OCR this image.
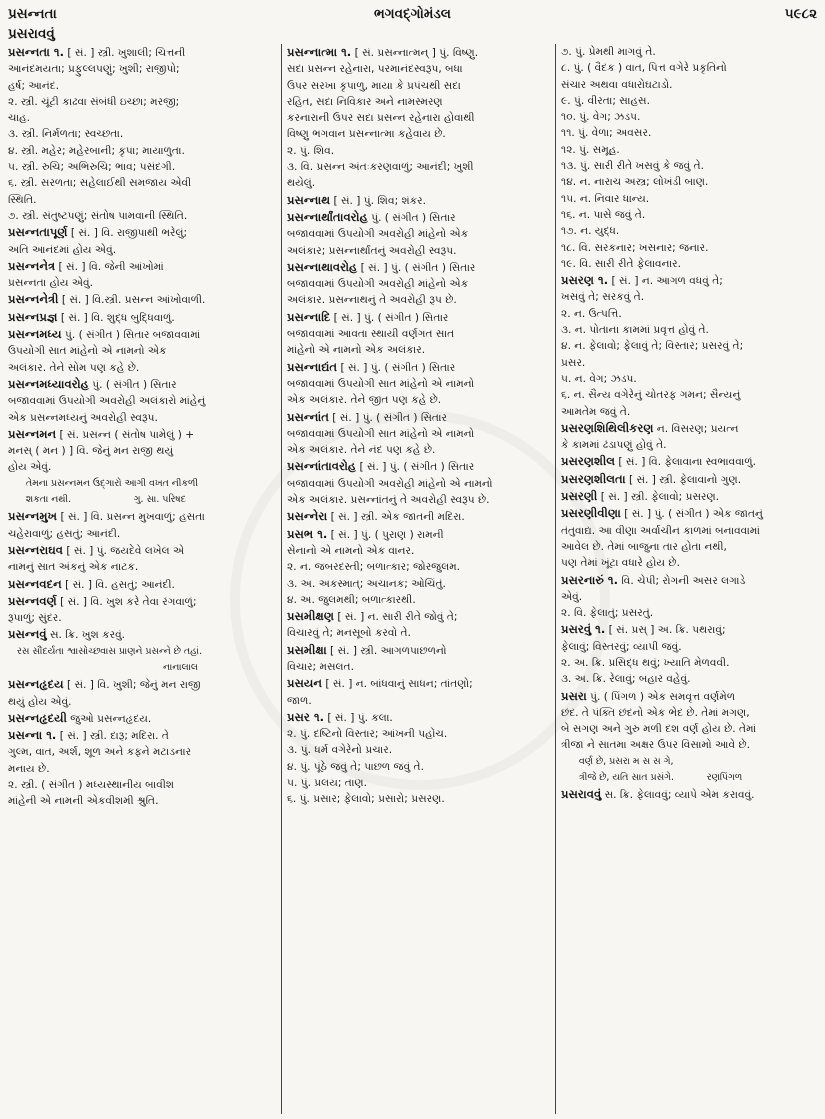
પ્રસન્નતા	ભગવદ્ગોમંડલ	૫૯૮૨
પ્રસરાવવું
પ્રસન્નતા ૧. [ સં. ] સ્ત્રી. ખુશાલી; ચિત્તની
આનંદમયતા; પ્રફુલ્લપણું; ખુશી; રાજીપો;
હર્ષ; આનંદ.
૨. સ્ત્રી. ચૂંટી કાઢવા સંબંધી ઇચ્છા; મરજી;
ચાહ.
૩. સ્ત્રી. નિર્મળતા; સ્વચ્છતા.
૪. સ્ત્રી. મહેર; મહેરબાની; કૃપા; માયાળુતા.
૫. સ્ત્રી. રુચિ; અભિરુચિ; ભાવ; પસંદગી.
૬. સ્ત્રી. સરળતા; સહેલાઈથી સમજાય એવી
સ્થિતિ.
૭. સ્ત્રી. સંતુષ્ટપણું; સંતોષ પામવાની સ્થિતિ.
પ્રસન્નતાપૂર્ણ [ સં. ] વિ. રાજીપાથી ભરેલું;
અતિ આનંદમાં હોય એવું.
પ્રસન્નનેત્ર [ સં. ] વિ. જેની આંખોમાં
પ્રસન્નતા હોય એવું.
પ્રસન્નનેત્રી [ સં. ] વિ.સ્ત્રી. પ્રસન્ન આંખોવાળી.
પ્રસન્નપ્રજ્ઞ [ સં. ] વિ. શુદ્ધ બુદ્ધિવાળું.
પ્રસન્નમધ્ય પું. ( સંગીત ) સિતાર બજાવવામાં
ઉપયોગી સાત માંહેનો એ નામનો એક
અલંકાર. તેને સોમ પણ કહે છે.
પ્રસન્નમધ્યાવરોહ પું. ( સંગીત ) સિતાર
બજાવવામાં ઉપયોગી અવરોહી અલંકારો માંહેનું
એક પ્રસન્નમધ્યનું અવરોહી સ્વરૂપ.
પ્રસન્નમન [ સં. પ્રસન્ન ( સંતોષ પામેલું ) +
મનસ્ ( મન ) ] વિ. જેનું મન રાજી થયું
હોય એવું.
તેમના પ્રસન્નમન ઉદ્ગારો આગી વખત નીકળી
શકતા નથી.                     ગુ. સા. પરિષદ
પ્રસન્નમુખ [ સં. ] વિ. પ્રસન્ન મુખવાળું; હસતા
ચહેરાવાળું; હસતું; આનંદી.
પ્રસન્નરાઘવ [ સં. ] પું. જયદેવે લખેલ એ
નામનું સાત અંકનું એક નાટક.
પ્રસન્નવદન [ સં. ] વિ. હસતું; આનંદી.
પ્રસન્નવર્ણ [ સં. ] વિ. ખુશ કરે તેવા રંગવાળું;
રૂપાળું; સુંદર.
પ્રસન્નવું સ. ક્રિ. ખુશ કરવું.
રસ સૌંદર્યતા શ્વાસોચ્છ્વાસ પ્રાણને પ્રસન્ને છે તહાં.
નાનાલાલ
પ્રસન્નહૃદય [ સં. ] વિ. ખુશી; જેનું મન રાજી
થયું હોય એવું.
પ્રસન્નહૃદયી જુઓ પ્રસન્નહૃદય.
પ્રસન્ના ૧. [ સં. ] સ્ત્રી. દારૂ; મદિરા. તે
ગુલ્મ, વાત, અર્શ, શૂળ અને કફને મટાડનાર
મનાય છે.
૨. સ્ત્રી. ( સંગીત ) મધ્યસ્થાનીય બાવીશ
માંહેની એ નામની એકવીશમી શ્રુતિ.
પ્રસન્નાત્મા ૧. [ સં. પ્રસન્નાત્મન્ ] પું. વિષ્ણુ.
સદા પ્રસન્ન રહેનારા, પરમાનંદસ્વરૂપ, બધા
ઉપર સરખા કૃપાળુ, માયા કે પ્રપંચથી સદા
રહિત, સદા નિવિકાર અને નામસ્મરણ
કરનારાની ઉપર સદા પ્રસન્ન રહેનારા હોવાથી
વિષ્ણુ ભગવાન પ્રસન્નાત્મા કહેવાય છે.
૨. પું. શિવ.
૩. વિ. પ્રસન્ન અંતઃકરણવાળું; આનંદી; ખુશી
થયેલું.
પ્રસન્નાથ [ સં. ] પું. શિવ; શંકર.
પ્રસન્નાર્થાંતાવરોહ પું. ( સંગીત ) સિતાર
બજાવવામાં ઉપયોગી અવરોહી માંહેનો એક
અલંકાર; પ્રસન્નાર્થાંતનું અવરોહી સ્વરૂપ.
પ્રસન્નાથાવરોહ [ સં. ] પું. ( સંગીત ) સિતાર
બજાવવામાં ઉપયોગી અવરોહી માંહેનો એક
અલંકાર. પ્રસન્નાથનું તે અવરોહી રૂપ છે.
પ્રસન્નાદિ [ સં. ] પું. ( સંગીત ) સિતાર
બજાવવામાં આવતા સ્થાયી વર્ણગત સાત
માંહેનો એ નામનો એક અલંકાર.
પ્રસન્નાદ્યંત [ સં. ] પું. ( સંગીત ) સિતાર
બજાવવામાં ઉપયોગી સાત માંહેનો એ નામનો
એક અલંકાર. તેને જીત પણ કહે છે.
પ્રસન્નાંત [ સં. ] પું. ( સંગીત ) સિતાર
બજાવવામાં ઉપયોગી સાત માંહેનો એ નામનો
એક અલંકાર. તેને નંદ પણ કહે છે.
પ્રસન્નાંતાવરોહ [ સં. ] પું. ( સંગીત ) સિતાર
બજાવવામાં ઉપયોગી અવરોહી માંહેનો એ નામનો
એક અલંકાર. પ્રસન્નાંતનું તે અવરોહી સ્વરૂપ છે.
પ્રસન્નેરા [ સં. ] સ્ત્રી. એક જાતની મદિરા.
પ્રસભ ૧. [ સં. ] પું. ( પુરાણ ) રામની
સેનાનો એ નામનો એક વાનર.
૨. ન. જબરદસ્તી; બળાત્કાર; જોરજુલમ.
૩. અ. અકસ્માત્; અચાનક; ઓચિંતું.
૪. અ. જુલમથી; બળાત્કારથી.
પ્રસમીક્ષણ [ સં. ] ન. સારી રીતે જોવું તે;
વિચારવું તે; મનસૂબો કરવો તે.
પ્રસમીક્ષા [ સં. ] સ્ત્રી. આગળપાછળનો
વિચાર; મસલત.
પ્રસયન [ સં. ] ન. બાંધવાનું સાધન; તાંતણો;
જાળ.
પ્રસર ૧. [ સં. ] પું. કલા.
૨. પું. દષ્ટિનો વિસ્તાર; આંખની પહોંચ.
૩. પું. ધર્મ વગેરેનો પ્રચાર.
૪. પું. પૂંઠે જવું તે; પાછળ જવું તે.
૫. પું. પ્રલય; તાણ.
૬. પું. પ્રસાર; ફેલાવો; પ્રસારો; પ્રસરણ.
૭. પું. પ્રેમથી માગવું તે.
૮. પું. ( વૈદક ) વાત, પિત્ત વગેરે પ્રકૃતિનો
સંચાર અથવા વધારોઘટાડો.
૯. પું. વીરતા; સાહસ.
૧૦. પું. વેગ; ઝડપ.
૧૧. પું. વેળા; અવસર.
૧૨. પું. સમૂહ.
૧૩. પું. સારી રીતે ખસવું કે જવું તે.
૧૪. ન. નારાચ અસ્ત્ર; લોખંડી બાણ.
૧૫. ન. નિવાર ધાન્ય.
૧૬. ન. પાસે જવું તે.
૧૭. ન. યુદ્ધ.
૧૮. વિ. સરકનાર; ખસનાર; જનાર.
૧૯. વિ. સારી રીતે ફેલાવનાર.
પ્રસરણ ૧. [ સં. ] ન. આગળ વધવું તે;
ખસવું તે; સરકવું તે.
૨. ન. ઉત્પત્તિ.
૩. ન. પોતાના કામમાં પ્રવૃત્ત હોવું તે.
૪. ન. ફેલાવો; ફેલાવું તે; વિસ્તાર; પ્રસરવું તે;
પ્રસર.
૫. ન. વેગ; ઝડપ.
૬. ન. સૈન્ય વગેરેનું ચોતરફ ગમન; સૈન્યનું
આમતેમ જવું તે.
પ્રસરણશિથિલીકરણ ન. વિસરણ; પ્રયત્ન
કે કામમાં ઢંડાપણું હોવું તે.
પ્રસરણશીલ [ સં. ] વિ. ફેલાવાના સ્વભાવવાળું.
પ્રસરણશીલતા [ સં. ] સ્ત્રી. ફેલાવાનો ગુણ.
પ્રસરણી [ સં. ] સ્ત્રી. ફેલાવો; પ્રસરણ.
પ્રસરણીવીણા [ સં. ] પું. ( સંગીત ) એક જાતનું
તંતુવાદ્ય. આ વીણા અર્વાચીન કાળમાં બનાવવામાં
આવેલ છે. તેમાં બાજુના તાર હોતા નથી,
પણ તેમાં ખૂંટા વધારે હોય છે.
પ્રસરનારું ૧. વિ. ચેપી; રોગની અસર લગાડે
એવું.
૨. વિ. ફેલાતું; પ્રસરતું.
પ્રસરવું ૧. [ સં. પ્રસ્ ] અ. ક્રિ. પથરાવું;
ફેલાવું; વિસ્તરવું; વ્યાપી જવું.
૨. અ. ક્રિ. પ્રસિદ્ધ થવું; ખ્યાતિ મેળવવી.
૩. અ. ક્રિ. રેલાવું; બહાર વહેવું.
પ્રસરા પું. ( પિંગળ ) એક સમવૃત્ત વર્ણમેળ
છંદ. તે પંક્તિ છંદનો એક ભેદ છે. તેમાં મગણ,
બે સગણ અને ગુરુ મળી દશ વર્ણ હોય છે. તેમાં
ત્રીજા ને સાતમા અક્ષર ઉપર વિસામો આવે છે.
વર્ણ છે, પ્રસરા મ સ સ ગે,
ત્રીજે છે, યતિ સાત પ્રસંગે.           રણપિંગળ
પ્રસરાવવું સ. ક્રિ. ફેલાવવું; વ્યાપે એમ કરાવવું.
